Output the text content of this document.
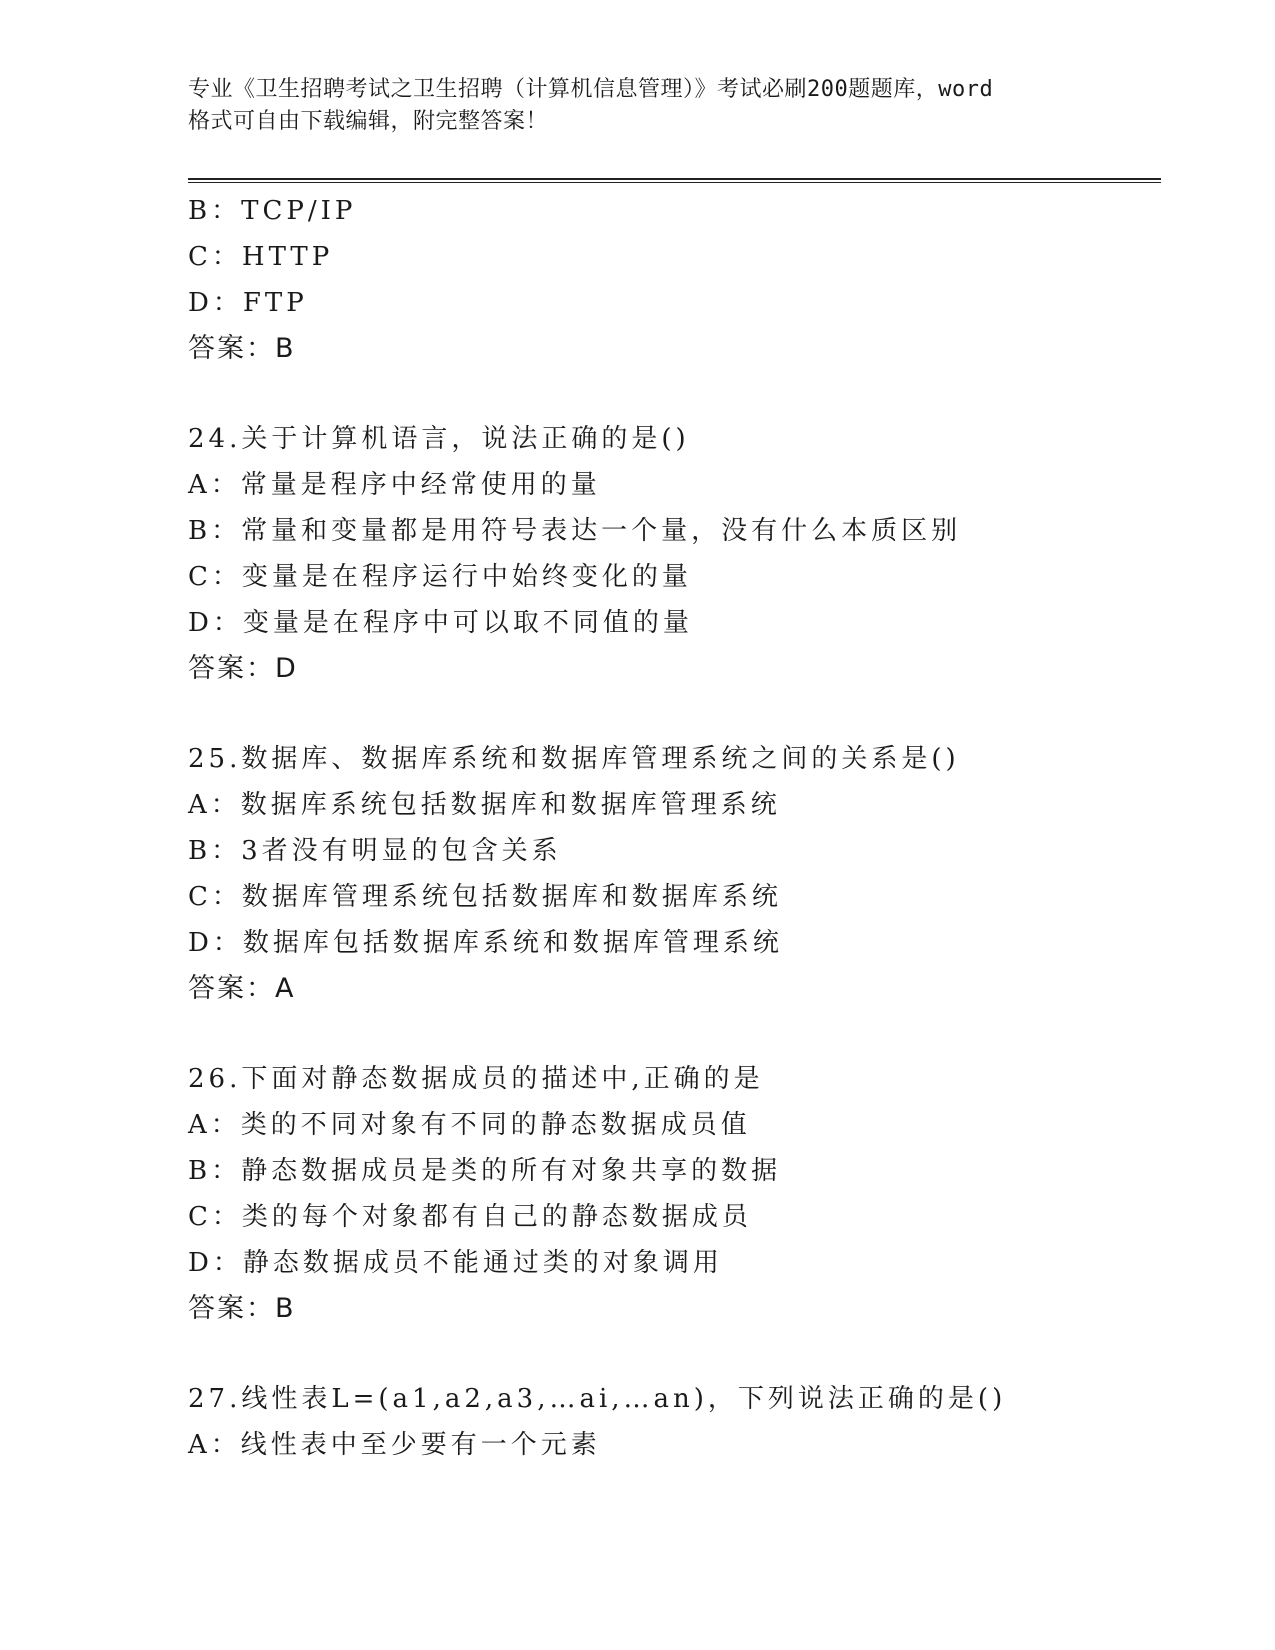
专业《卫生招聘考试之卫生招聘（计算机信息管理）》考试必刷200题题库，word
格式可自由下载编辑，附完整答案！
B：TCP/IP
C：HTTP
D：FTP
答案：B
24.关于计算机语言，说法正确的是()
A：常量是程序中经常使用的量
B：常量和变量都是用符号表达一个量，没有什么本质区别
C：变量是在程序运行中始终变化的量
D：变量是在程序中可以取不同值的量
答案：D
25.数据库、数据库系统和数据库管理系统之间的关系是()
A：数据库系统包括数据库和数据库管理系统
B：3者没有明显的包含关系
C：数据库管理系统包括数据库和数据库系统
D：数据库包括数据库系统和数据库管理系统
答案：A
26.下面对静态数据成员的描述中,正确的是
A：类的不同对象有不同的静态数据成员值
B：静态数据成员是类的所有对象共享的数据
C：类的每个对象都有自己的静态数据成员
D：静态数据成员不能通过类的对象调用
答案：B
27.线性表L=(a1,a2,a3,…ai,…an)，下列说法正确的是()
A：线性表中至少要有一个元素
